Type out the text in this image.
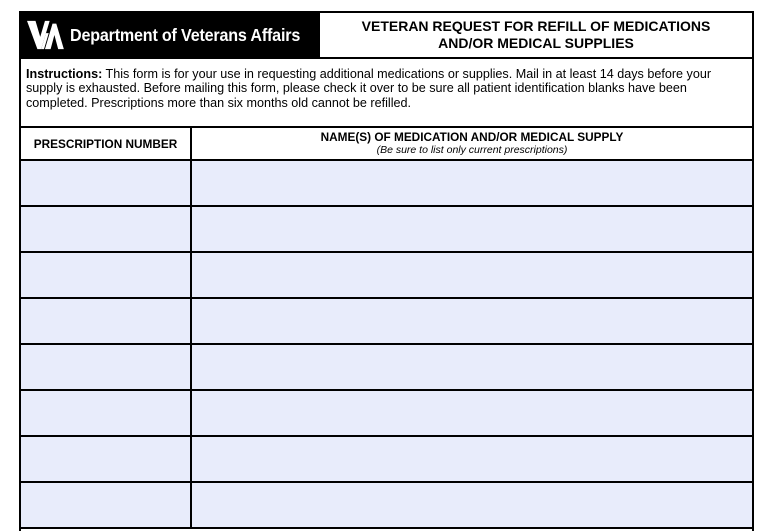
Department of Veterans Affairs	VETERAN REQUEST FOR REFILL OF MEDICATIONS
AND/OR MEDICAL SUPPLIES
Instructions: This form is for your use in requesting additional medications or supplies. Mail in at least 14 days before your supply is exhausted. Before mailing this form, please check it over to be sure all patient identification blanks have been completed. Prescriptions more than six months old cannot be refilled.
PRESCRIPTION NUMBER	NAME(S) OF MEDICATION AND/OR MEDICAL SUPPLY
(Be sure to list only current prescriptions)
